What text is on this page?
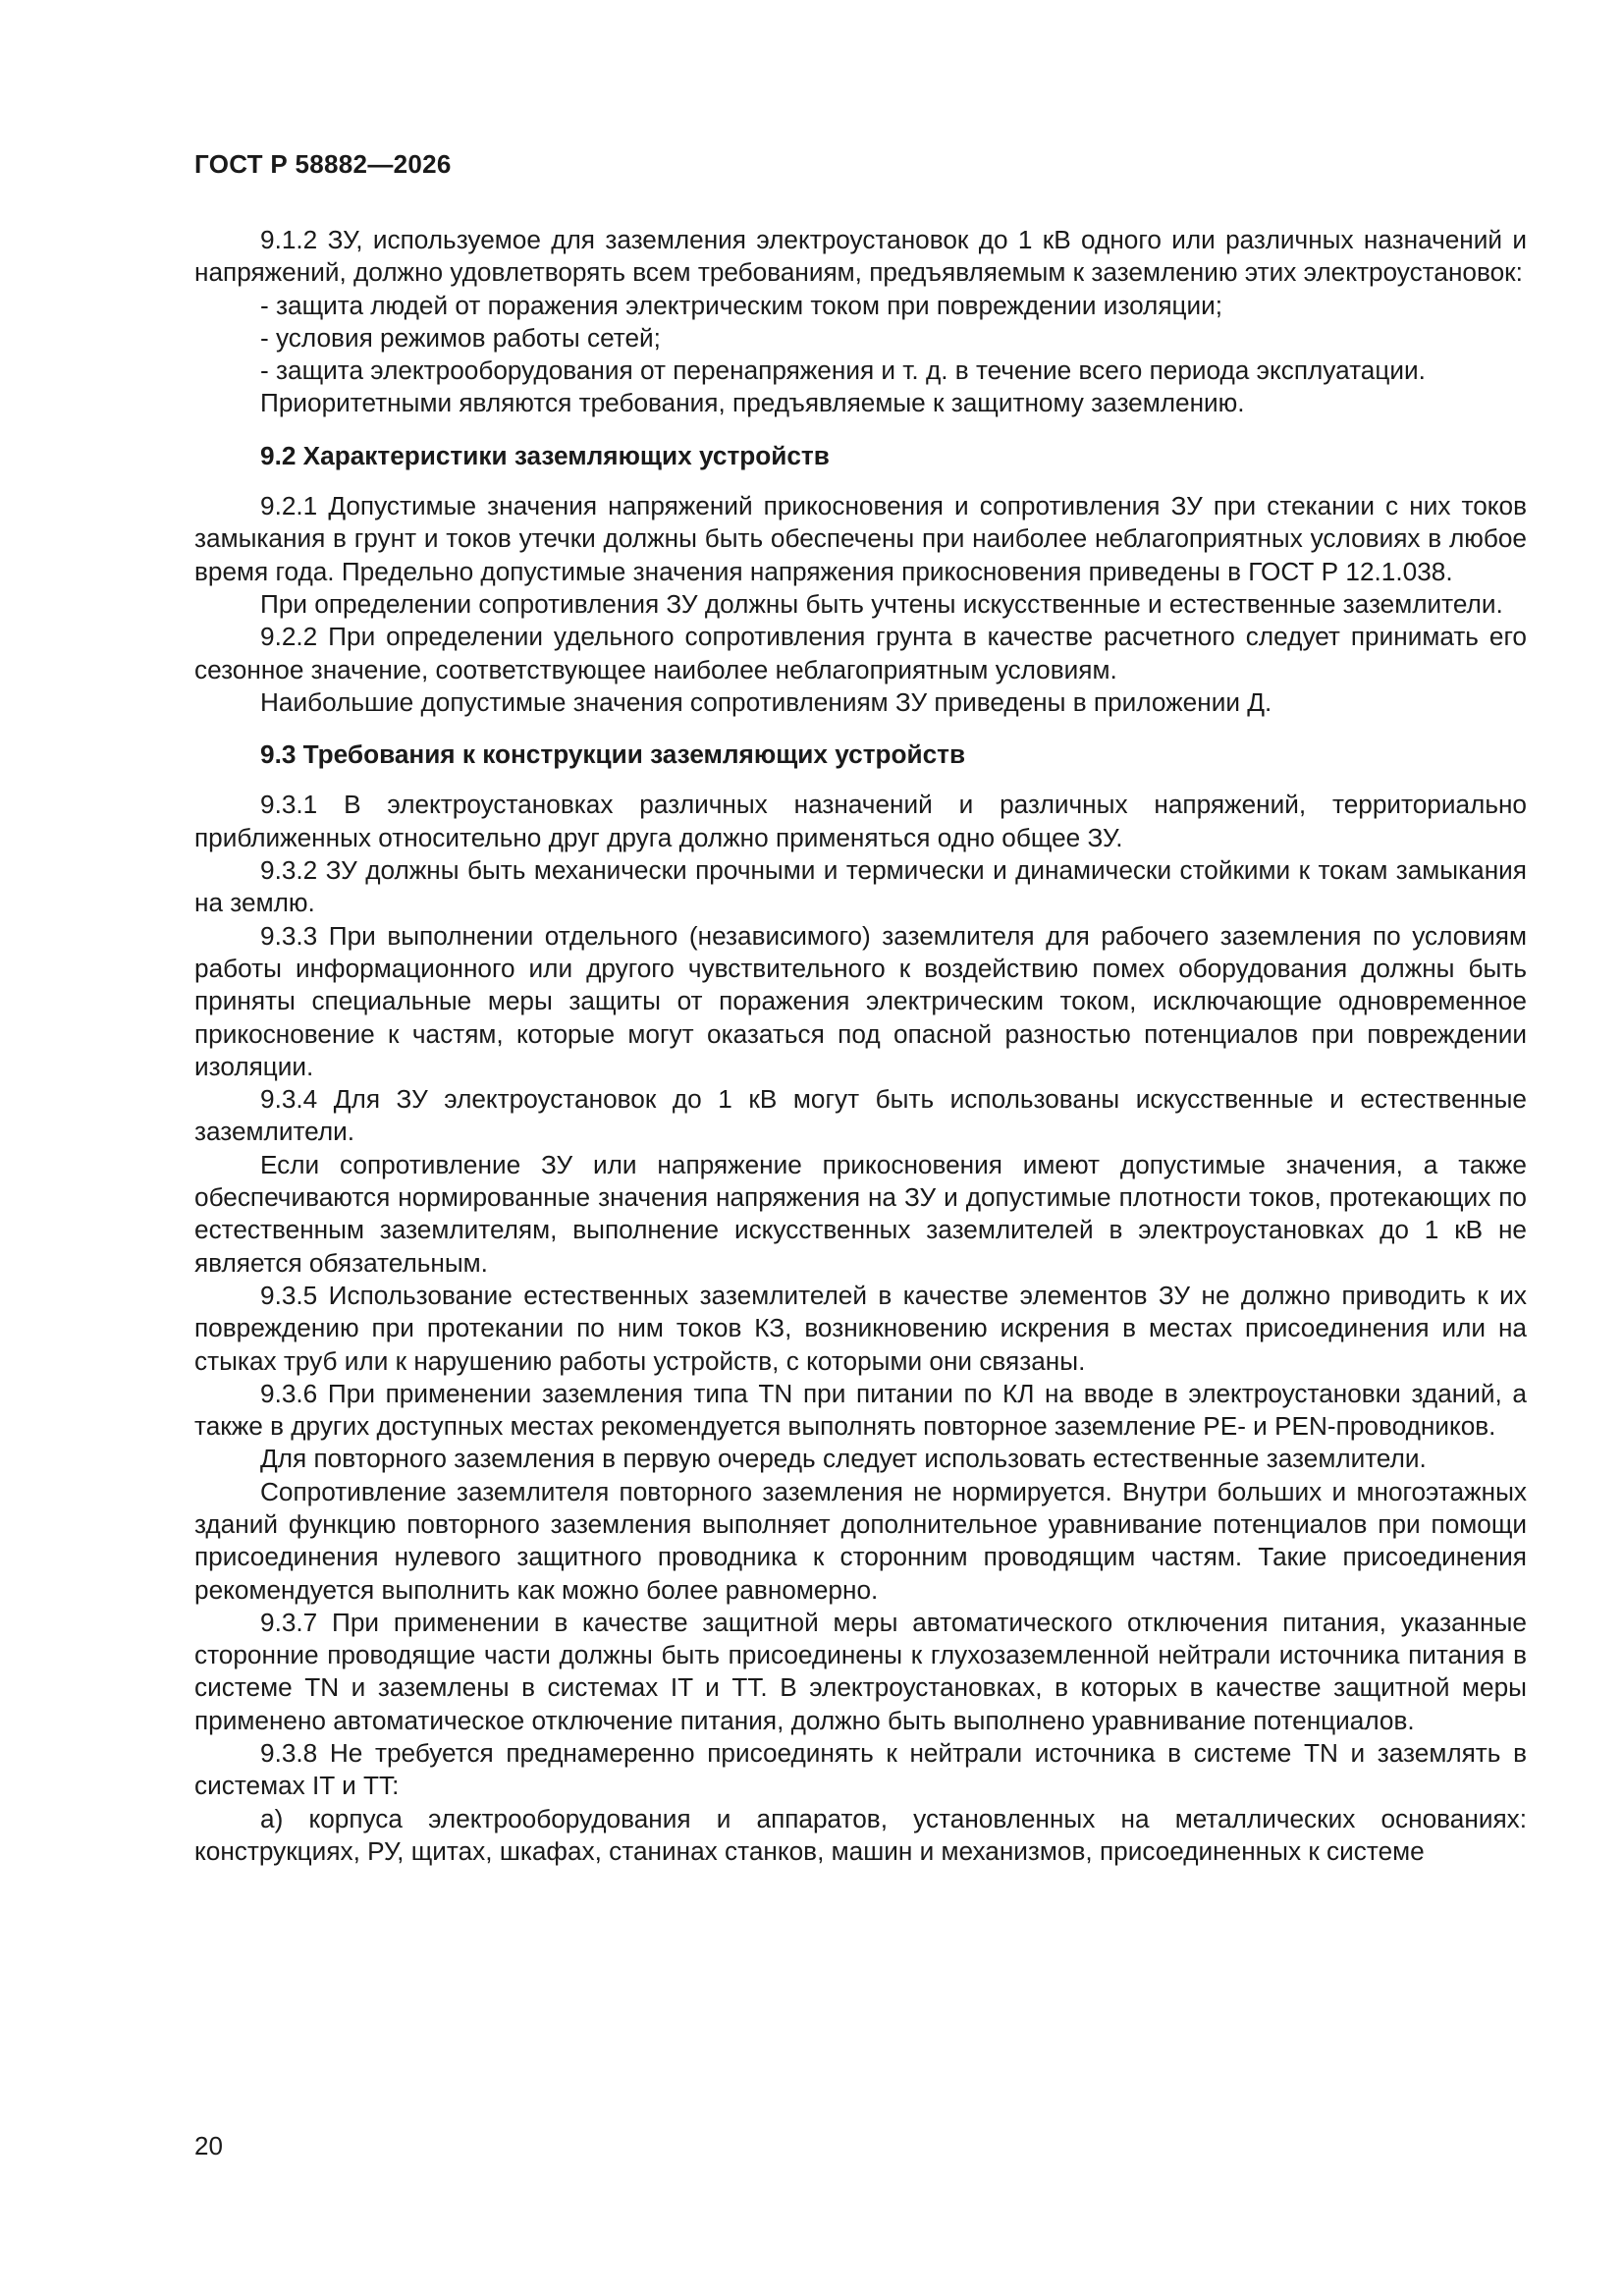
ГОСТ Р 58882—2026

9.1.2 ЗУ, используемое для заземления электроустановок до 1 кВ одного или различных назначений и напряжений, должно удовлетворять всем требованиям, предъявляемым к заземлению этих электроустановок:

- защита людей от поражения электрическим током при повреждении изоляции;

- условия режимов работы сетей;

- защита электрооборудования от перенапряжения и т. д. в течение всего периода эксплуатации.

Приоритетными являются требования, предъявляемые к защитному заземлению.

9.2 Характеристики заземляющих устройств

9.2.1 Допустимые значения напряжений прикосновения и сопротивления ЗУ при стекании с них токов замыкания в грунт и токов утечки должны быть обеспечены при наиболее неблагоприятных условиях в любое время года. Предельно допустимые значения напряжения прикосновения приведены в ГОСТ Р 12.1.038.

При определении сопротивления ЗУ должны быть учтены искусственные и естественные заземлители.

9.2.2 При определении удельного сопротивления грунта в качестве расчетного следует принимать его сезонное значение, соответствующее наиболее неблагоприятным условиям.

Наибольшие допустимые значения сопротивлениям ЗУ приведены в приложении Д.

9.3 Требования к конструкции заземляющих устройств

9.3.1 В электроустановках различных назначений и различных напряжений, территориально приближенных относительно друг друга должно применяться одно общее ЗУ.

9.3.2 ЗУ должны быть механически прочными и термически и динамически стойкими к токам замыкания на землю.

9.3.3 При выполнении отдельного (независимого) заземлителя для рабочего заземления по условиям работы информационного или другого чувствительного к воздействию помех оборудования должны быть приняты специальные меры защиты от поражения электрическим током, исключающие одновременное прикосновение к частям, которые могут оказаться под опасной разностью потенциалов при повреждении изоляции.

9.3.4 Для ЗУ электроустановок до 1 кВ могут быть использованы искусственные и естественные заземлители.

Если сопротивление ЗУ или напряжение прикосновения имеют допустимые значения, а также обеспечиваются нормированные значения напряжения на ЗУ и допустимые плотности токов, протекающих по естественным заземлителям, выполнение искусственных заземлителей в электроустановках до 1 кВ не является обязательным.

9.3.5 Использование естественных заземлителей в качестве элементов ЗУ не должно приводить к их повреждению при протекании по ним токов КЗ, возникновению искрения в местах присоединения или на стыках труб или к нарушению работы устройств, с которыми они связаны.

9.3.6 При применении заземления типа TN при питании по КЛ на вводе в электроустановки зданий, а также в других доступных местах рекомендуется выполнять повторное заземление PE- и PEN-проводников.

Для повторного заземления в первую очередь следует использовать естественные заземлители.

Сопротивление заземлителя повторного заземления не нормируется. Внутри больших и многоэтажных зданий функцию повторного заземления выполняет дополнительное уравнивание потенциалов при помощи присоединения нулевого защитного проводника к сторонним проводящим частям. Такие присоединения рекомендуется выполнить как можно более равномерно.

9.3.7 При применении в качестве защитной меры автоматического отключения питания, указанные сторонние проводящие части должны быть присоединены к глухозаземленной нейтрали источника питания в системе TN и заземлены в системах IT и TT. В электроустановках, в которых в качестве защитной меры применено автоматическое отключение питания, должно быть выполнено уравнивание потенциалов.

9.3.8 Не требуется преднамеренно присоединять к нейтрали источника в системе TN и заземлять в системах IT и TT:

а) корпуса электрооборудования и аппаратов, установленных на металлических основаниях: конструкциях, РУ, щитах, шкафах, станинах станков, машин и механизмов, присоединенных к системе

20
